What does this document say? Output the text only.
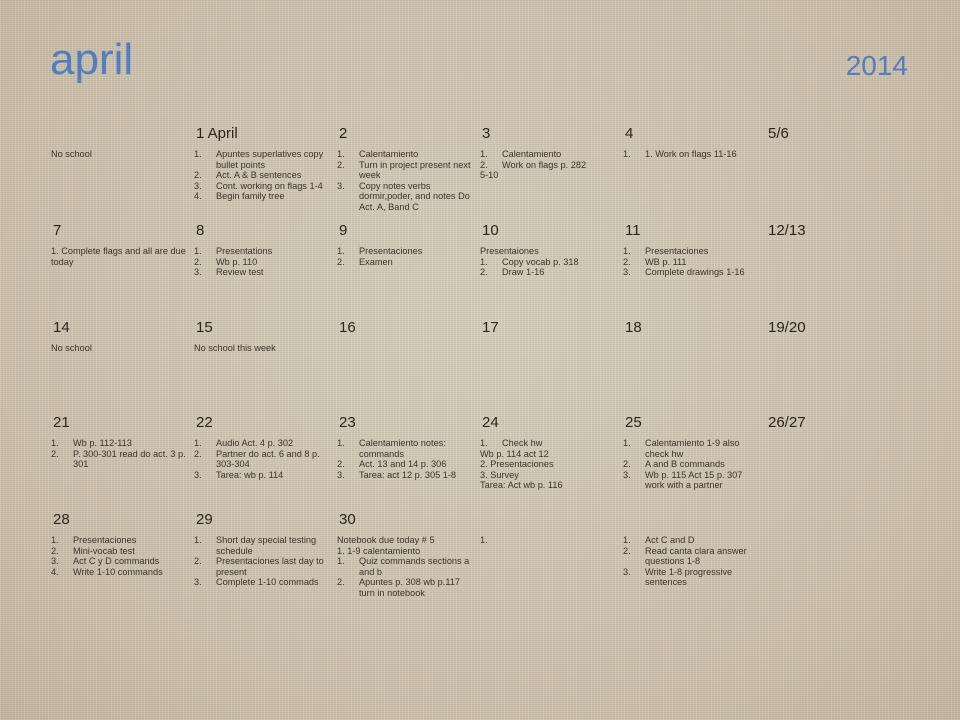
april	2014
No school
1 April
1. Apuntes superlatives copy bullet points
2. Act. A & B sentences
3. Cont. working on flags 1-4
4. Begin family tree
2
1. Calentamiento
2. Turn in project present next week
3. Copy notes verbs dormir,poder, and notes Do Act. A, Band C
3
1. Calentamiento
2. Work on flags p. 282
5-10
4
1. 1. Work on flags 11-16
5/6
7
1. Complete flags and all are due today
8
1. Presentations
2. Wb p. 110
3. Review test
9
1. Presentaciones
2. Examen
10
Presentaiones
1. Copy vocab p. 318
2. Draw 1-16
11
1. Presentaciones
2. WB p. 111
3. Complete drawings 1-16
12/13
14
No school
15
No school this week
16	17	18	19/20
21
1. Wb p. 112-113
2. P. 300-301 read do act. 3 p. 301
22
1. Audio Act. 4 p. 302
2. Partner do act. 6 and 8 p. 303-304
3. Tarea: wb p. 114
23
1. Calentamiento notes: commands
2. Act. 13 and 14 p. 306
3. Tarea: act 12 p. 305 1-8
24
1. Check hw
Wb p. 114 act 12
2. Presentaciones
3. Survey
Tarea: Act wb p. 116
25
1. Calentamiento 1-9 also check hw
2. A and B commands
3. Wb p. 115 Act 15 p. 307 work with a partner
26/27
28
1. Presentaciones
2. Mini-vocab test
3. Act C y D commands
4. Write 1-10 commands
29
1. Short day special testing schedule
2. Presentaciones last day to present
3. Complete 1-10 commads
30
Notebook due today # 5
1. 1-9 calentamiento
1. Quiz commands sections a and b
2. Apuntes p. 308 wb p.117 turn in notebook
1.	1. Act C and D
2. Read canta clara answer questions 1-8
3. Write 1-8 progressive sentences
